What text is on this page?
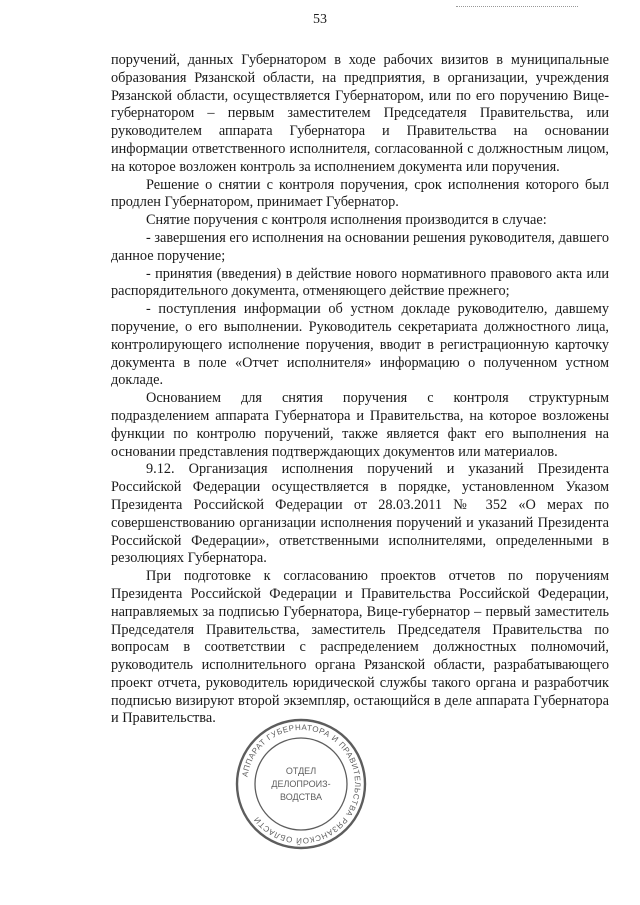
53

поручений, данных Губернатором в ходе рабочих визитов в муниципальные образования Рязанской области, на предприятия, в организации, учреждения Рязанской области, осуществляется Губернатором, или по его поручению Вице-губернатором – первым заместителем Председателя Правительства, или руководителем аппарата Губернатора и Правительства на основании информации ответственного исполнителя, согласованной с должностным лицом, на которое возложен контроль за исполнением документа или поручения.

Решение о снятии с контроля поручения, срок исполнения которого был продлен Губернатором, принимает Губернатор.

Снятие поручения с контроля исполнения производится в случае:

- завершения его исполнения на основании решения руководителя, давшего данное поручение;

- принятия (введения) в действие нового нормативного правового акта или распорядительного документа, отменяющего действие прежнего;

- поступления информации об устном докладе руководителю, давшему поручение, о его выполнении. Руководитель секретариата должностного лица, контролирующего исполнение поручения, вводит в регистрационную карточку документа в поле «Отчет исполнителя» информацию о полученном устном докладе.

Основанием для снятия поручения с контроля структурным подразделением аппарата Губернатора и Правительства, на которое возложены функции по контролю поручений, также является факт его выполнения на основании представления подтверждающих документов или материалов.

9.12. Организация исполнения поручений и указаний Президента Российской Федерации осуществляется в порядке, установленном Указом Президента Российской Федерации от 28.03.2011 № 352 «О мерах по совершенствованию организации исполнения поручений и указаний Президента Российской Федерации», ответственными исполнителями, определенными в резолюциях Губернатора.

При подготовке к согласованию проектов отчетов по поручениям Президента Российской Федерации и Правительства Российской Федерации, направляемых за подписью Губернатора, Вице-губернатор – первый заместитель Председателя Правительства, заместитель Председателя Правительства по вопросам в соответствии с распределением должностных полномочий, руководитель исполнительного органа Рязанской области, разрабатывающего проект отчета, руководитель юридической службы такого органа и разработчик подписью визируют второй экземпляр, остающийся в деле аппарата Губернатора и Правительства.

АППАРАТ ГУБЕРНАТОРА И ПРАВИТЕЛЬСТВА РЯЗАНСКОЙ ОБЛАСТИ
ОТДЕЛ
ДЕЛОПРОИЗ-
ВОДСТВА
